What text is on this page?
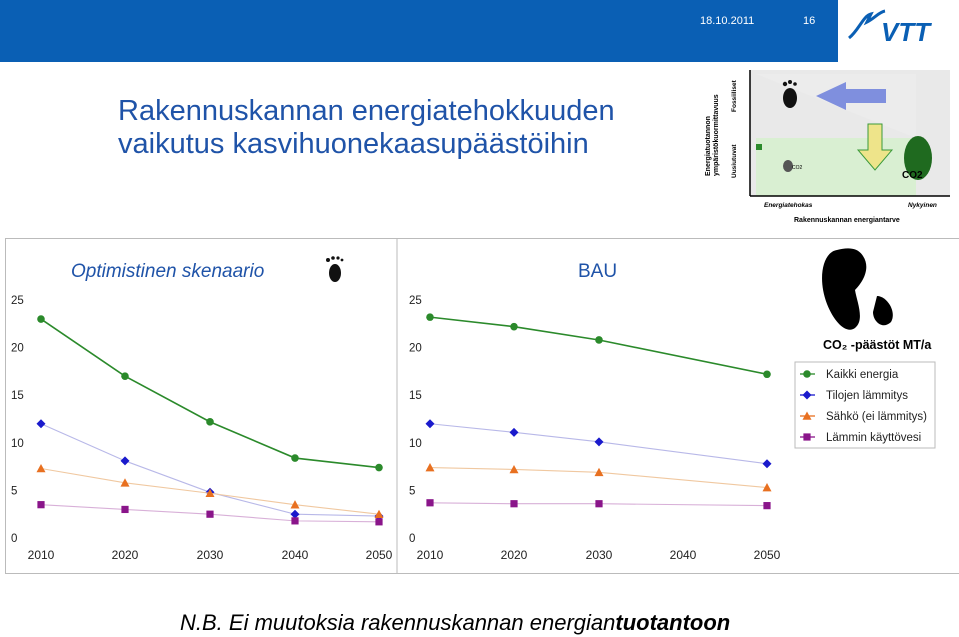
18.10.2011	16	VTT
Rakennuskannan energiatehokkuuden
vaikutus kasvihuonekaasupäästöihin	Energiatuotannon ympäristökuormittavuus Fossiiliset
Uusiutuvat	CO2
CO2
Energiatehokas	Nykyinen
Rakennuskannan energiantarve
Optimistinen skenaario	BAU
CO₂ -päästöt MT/a
Kaikki energia
Tilojen lämmitys
Sähkö (ei lämmitys)
Lämmin käyttövesi
0
5
10
15
20
25
2010	2020	2030	2040	2050
0
5
10
15
20
25
2010	2020	2030	2040	2050
N.B. Ei muutoksia rakennuskannan energiantuotantoon
